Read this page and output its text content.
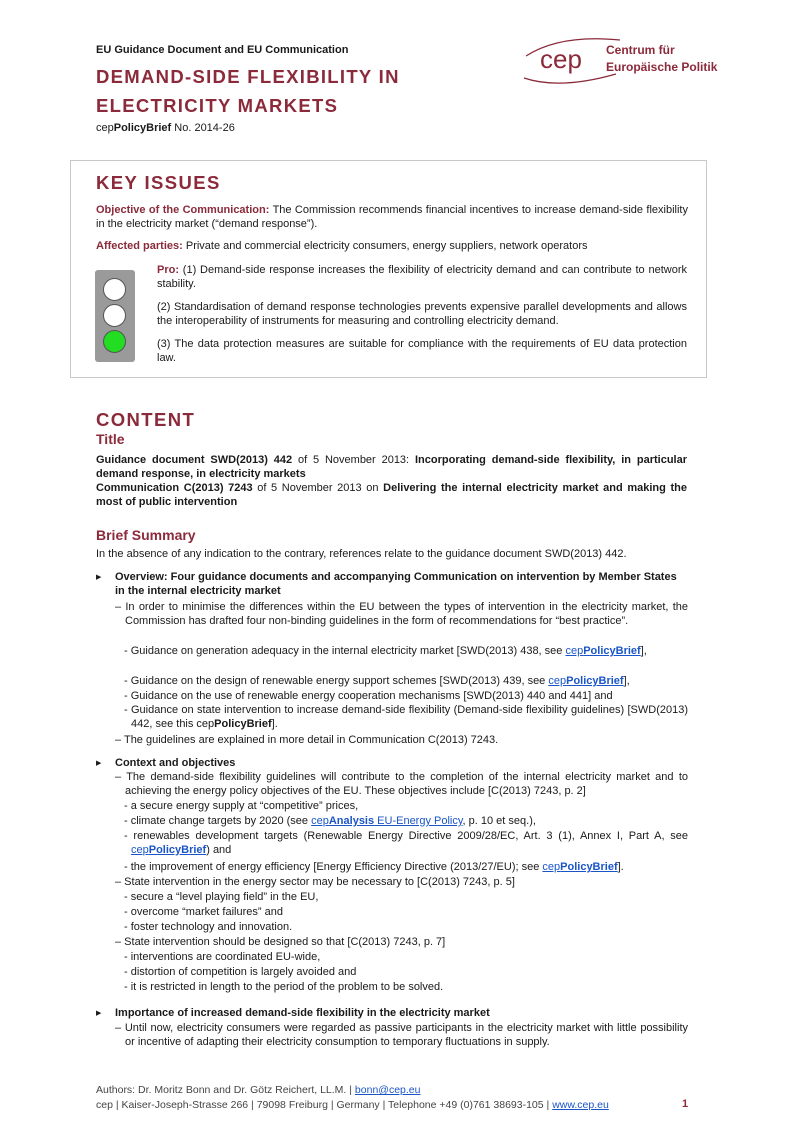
EU Guidance Document and EU Communication
DEMAND-SIDE FLEXIBILITY IN
ELECTRICITY MARKETS
cepPolicyBrief No. 2014-26
cep Centrum für
Europäische Politik
KEY ISSUES
Objective of the Communication: The Commission recommends financial incentives to increase demand-side flexibility in the electricity market (“demand response”).
Affected parties: Private and commercial electricity consumers, energy suppliers, network operators
Pro: (1) Demand-side response increases the flexibility of electricity demand and can contribute to network stability.
(2) Standardisation of demand response technologies prevents expensive parallel developments and allows the interoperability of instruments for measuring and controlling electricity demand.
(3) The data protection measures are suitable for compliance with the requirements of EU data protection law.
CONTENT
Title
Guidance document SWD(2013) 442 of 5 November 2013: Incorporating demand-side flexibility, in particular demand response, in electricity markets
Communication C(2013) 7243 of 5 November 2013 on Delivering the internal electricity market and making the most of public intervention
Brief Summary
In the absence of any indication to the contrary, references relate to the guidance document SWD(2013) 442.
▶ Overview: Four guidance documents and accompanying Communication on intervention by Member States in the internal electricity market
– In order to minimise the differences within the EU between the types of intervention in the electricity market, the Commission has drafted four non-binding guidelines in the form of recommendations for “best practice”.
- Guidance on generation adequacy in the internal electricity market [SWD(2013) 438, see cepPolicyBrief],
- Guidance on the design of renewable energy support schemes [SWD(2013) 439, see cepPolicyBrief],
- Guidance on the use of renewable energy cooperation mechanisms [SWD(2013) 440 and 441] and
- Guidance on state intervention to increase demand-side flexibility (Demand-side flexibility guidelines) [SWD(2013) 442, see this cepPolicyBrief].
– The guidelines are explained in more detail in Communication C(2013) 7243.
▶ Context and objectives
– The demand-side flexibility guidelines will contribute to the completion of the internal electricity market and to achieving the energy policy objectives of the EU. These objectives include [C(2013) 7243, p. 2]
- a secure energy supply at “competitive” prices,
- climate change targets by 2020 (see cepAnalysis EU-Energy Policy, p. 10 et seq.),
- renewables development targets (Renewable Energy Directive 2009/28/EC, Art. 3 (1), Annex I, Part A, see cepPolicyBrief) and
- the improvement of energy efficiency [Energy Efficiency Directive (2013/27/EU); see cepPolicyBrief].
– State intervention in the energy sector may be necessary to [C(2013) 7243, p. 5]
- secure a “level playing field” in the EU,
- overcome “market failures” and
- foster technology and innovation.
– State intervention should be designed so that [C(2013) 7243, p. 7]
- interventions are coordinated EU-wide,
- distortion of competition is largely avoided and
- it is restricted in length to the period of the problem to be solved.
▶ Importance of increased demand-side flexibility in the electricity market
– Until now, electricity consumers were regarded as passive participants in the electricity market with little possibility or incentive of adapting their electricity consumption to temporary fluctuations in supply.
Authors: Dr. Moritz Bonn and Dr. Götz Reichert, LL.M. | bonn@cep.eu
cep | Kaiser-Joseph-Strasse 266 | 79098 Freiburg | Germany | Telephone +49 (0)761 38693-105 | www.cep.eu	1
